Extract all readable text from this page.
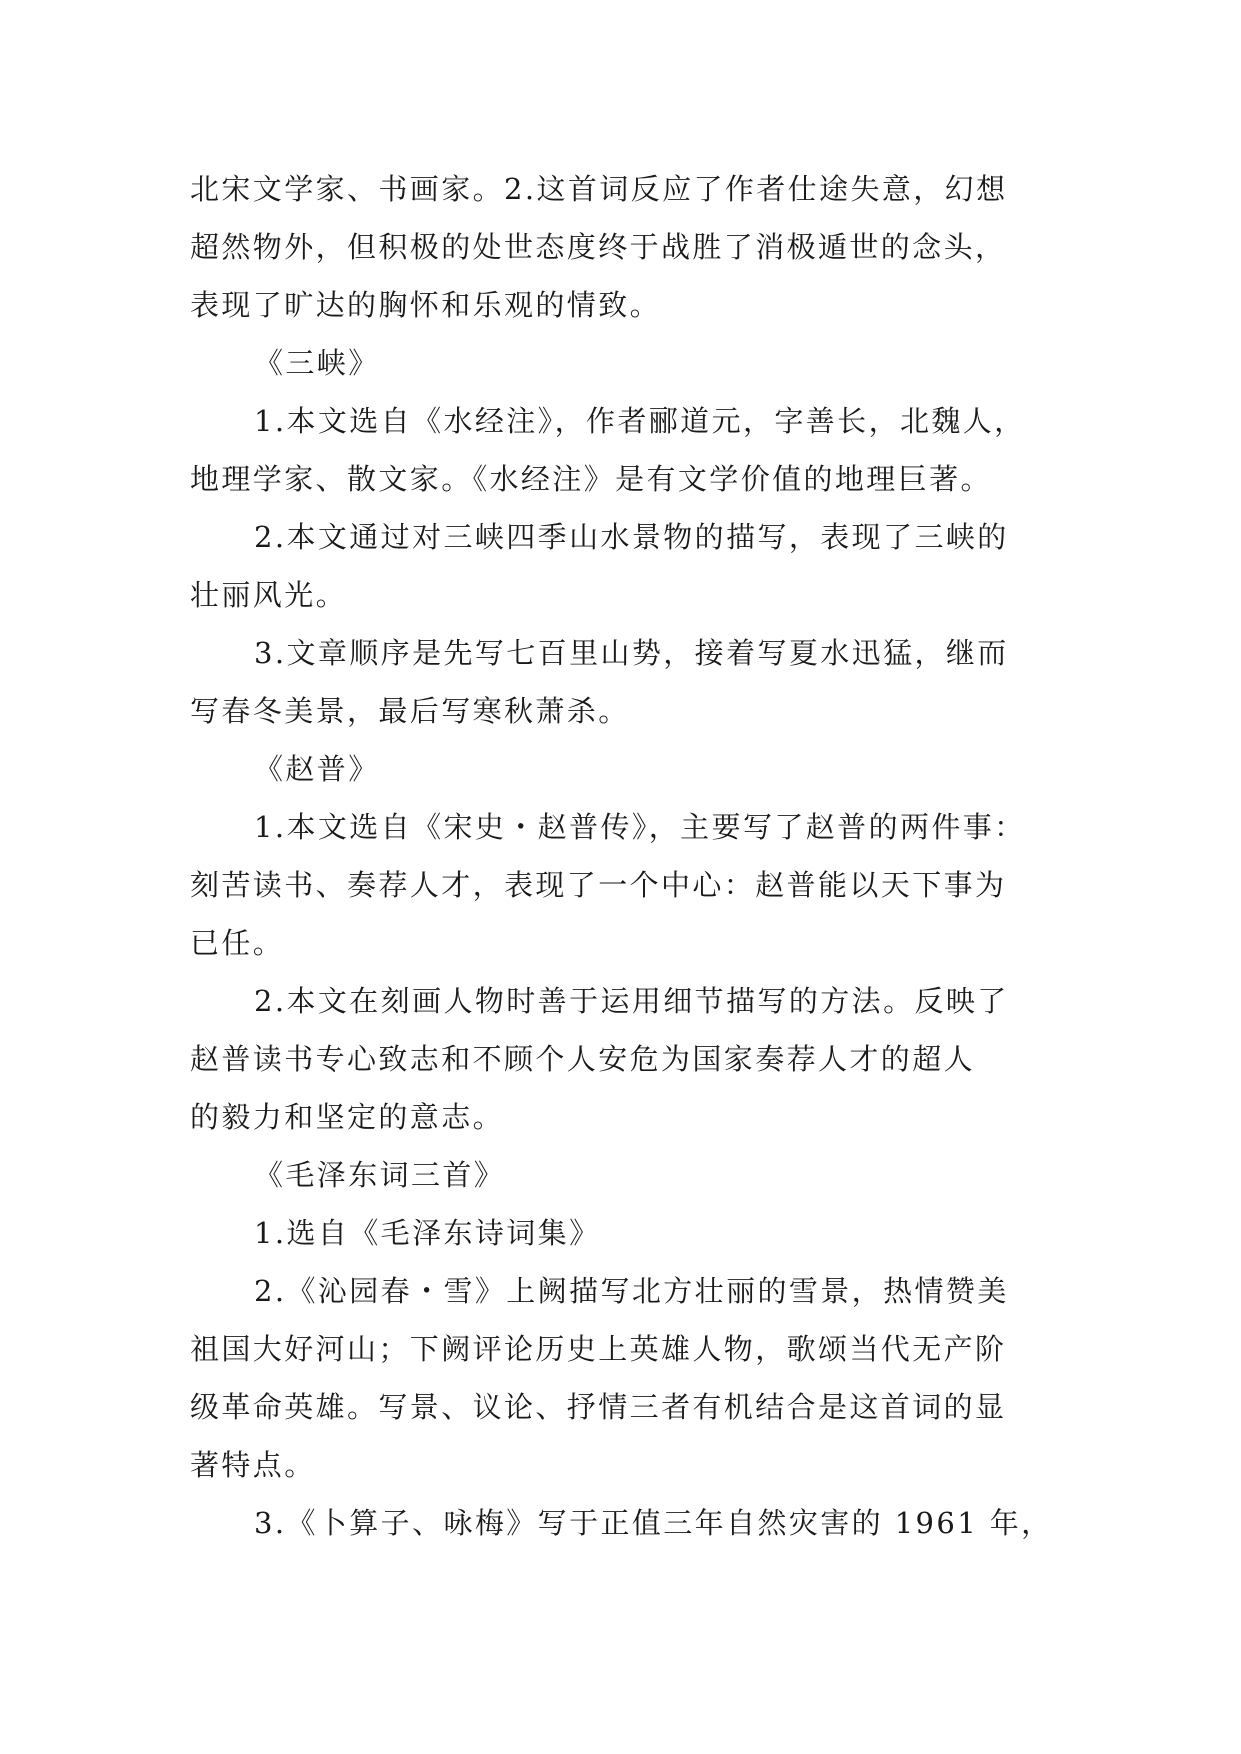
北宋文学家、书画家。2.这首词反应了作者仕途失意，幻想
超然物外，但积极的处世态度终于战胜了消极遁世的念头，
表现了旷达的胸怀和乐观的情致。
《三峡》
1.本文选自《水经注》，作者郦道元，字善长，北魏人，
地理学家、散文家。《水经注》是有文学价值的地理巨著。
2.本文通过对三峡四季山水景物的描写，表现了三峡的
壮丽风光。
3.文章顺序是先写七百里山势，接着写夏水迅猛，继而
写春冬美景，最后写寒秋萧杀。
《赵普》
1.本文选自《宋史・赵普传》，主要写了赵普的两件事：
刻苦读书、奏荐人才，表现了一个中心：赵普能以天下事为
已任。
2.本文在刻画人物时善于运用细节描写的方法。反映了
赵普读书专心致志和不顾个人安危为国家奏荐人才的超人
的毅力和坚定的意志。
《毛泽东词三首》
1.选自《毛泽东诗词集》
2.《沁园春・雪》上阙描写北方壮丽的雪景，热情赞美
祖国大好河山；下阙评论历史上英雄人物，歌颂当代无产阶
级革命英雄。写景、议论、抒情三者有机结合是这首词的显
著特点。
3.《卜算子、咏梅》写于正值三年自然灾害的 1961 年，
